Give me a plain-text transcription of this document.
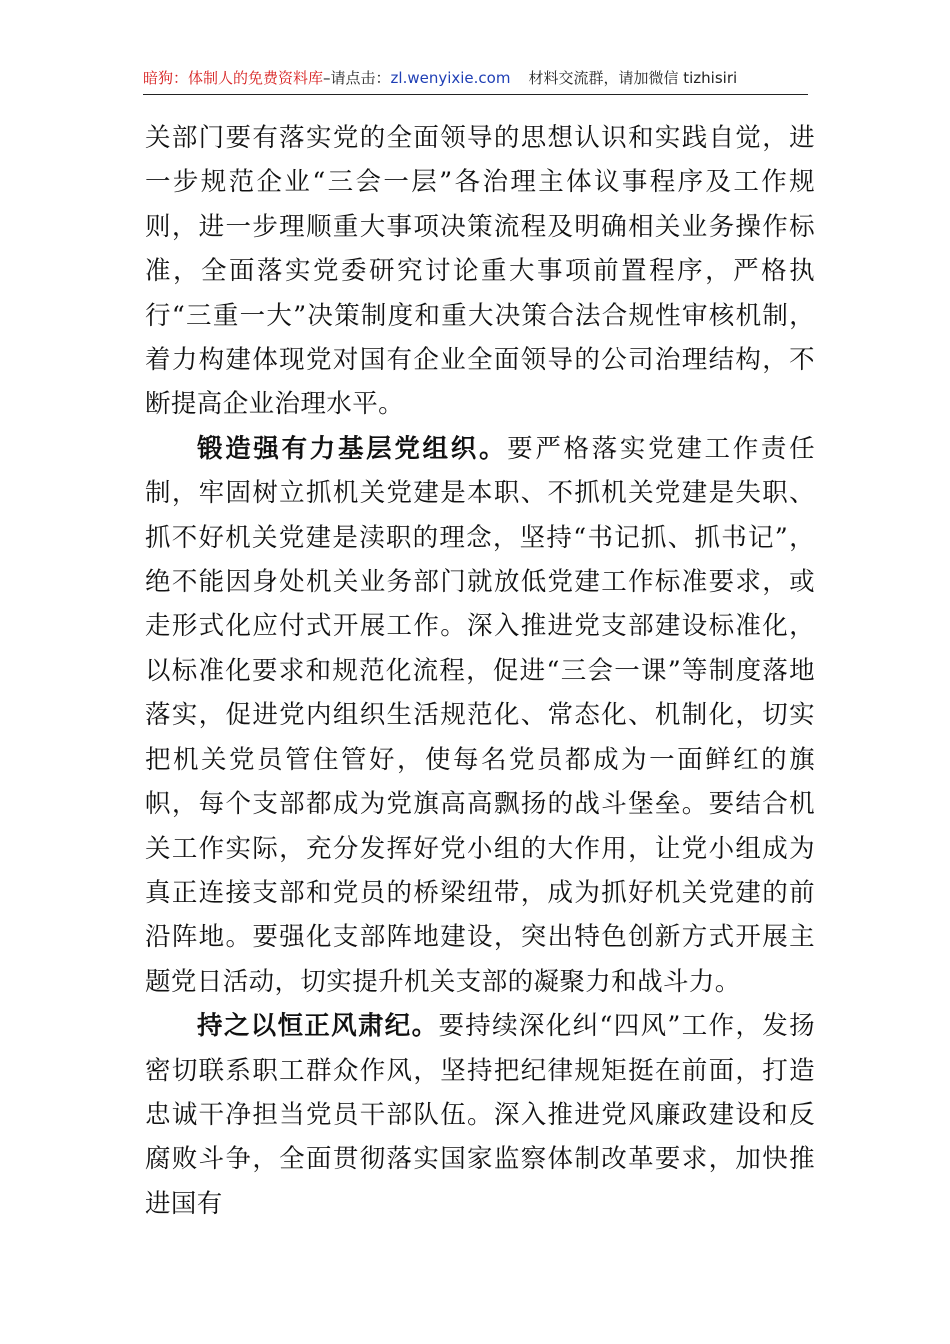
暗狗：体制人的免费资料库–请点击：zl.wenyixie.com 材料交流群，请加微信 tizhisiri

关部门要有落实党的全面领导的思想认识和实践自觉，进一步规范企业“三会一层”各治理主体议事程序及工作规则，进一步理顺重大事项决策流程及明确相关业务操作标准，全面落实党委研究讨论重大事项前置程序，严格执行“三重一大”决策制度和重大决策合法合规性审核机制，着力构建体现党对国有企业全面领导的公司治理结构，不断提高企业治理水平。

锻造强有力基层党组织。要严格落实党建工作责任制，牢固树立抓机关党建是本职、不抓机关党建是失职、抓不好机关党建是渎职的理念，坚持“书记抓、抓书记”，绝不能因身处机关业务部门就放低党建工作标准要求，或走形式化应付式开展工作。深入推进党支部建设标准化，以标准化要求和规范化流程，促进“三会一课”等制度落地落实，促进党内组织生活规范化、常态化、机制化，切实把机关党员管住管好，使每名党员都成为一面鲜红的旗帜，每个支部都成为党旗高高飘扬的战斗堡垒。要结合机关工作实际，充分发挥好党小组的大作用，让党小组成为真正连接支部和党员的桥梁纽带，成为抓好机关党建的前沿阵地。要强化支部阵地建设，突出特色创新方式开展主题党日活动，切实提升机关支部的凝聚力和战斗力。

持之以恒正风肃纪。要持续深化纠“四风”工作，发扬密切联系职工群众作风，坚持把纪律规矩挺在前面，打造忠诚干净担当党员干部队伍。深入推进党风廉政建设和反腐败斗争，全面贯彻落实国家监察体制改革要求，加快推进国有
